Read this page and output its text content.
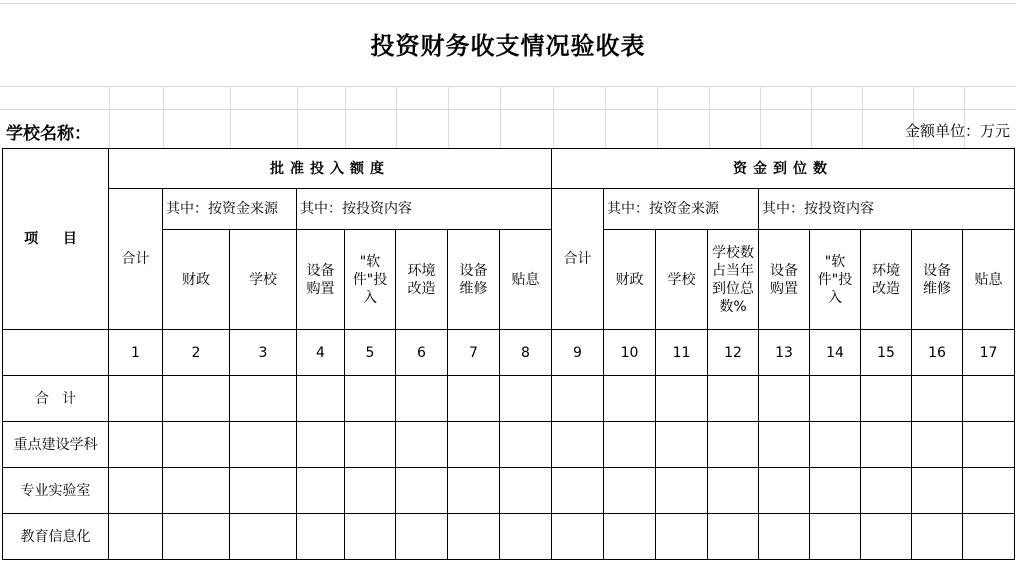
投资财务收支情况验收表
学校名称：	金额单位：万元
项 目	批准投入额度								资金到位数								
	合计	其中：按资金来源		其中：按投资内容					合计	其中：按资金来源			其中：按投资内容				
		财政	学校	设备购置	"软件"投入	环境改造	设备维修	贴息		财政	学校	学校数占当年到位总数%	设备购置	"软件"投入	环境改造	设备维修	贴息
	1	2	3	4	5	6	7	8	9	10	11	12	13	14	15	16	17
合   计																	
重点建设学科																	
专业实验室																	
教育信息化																	
